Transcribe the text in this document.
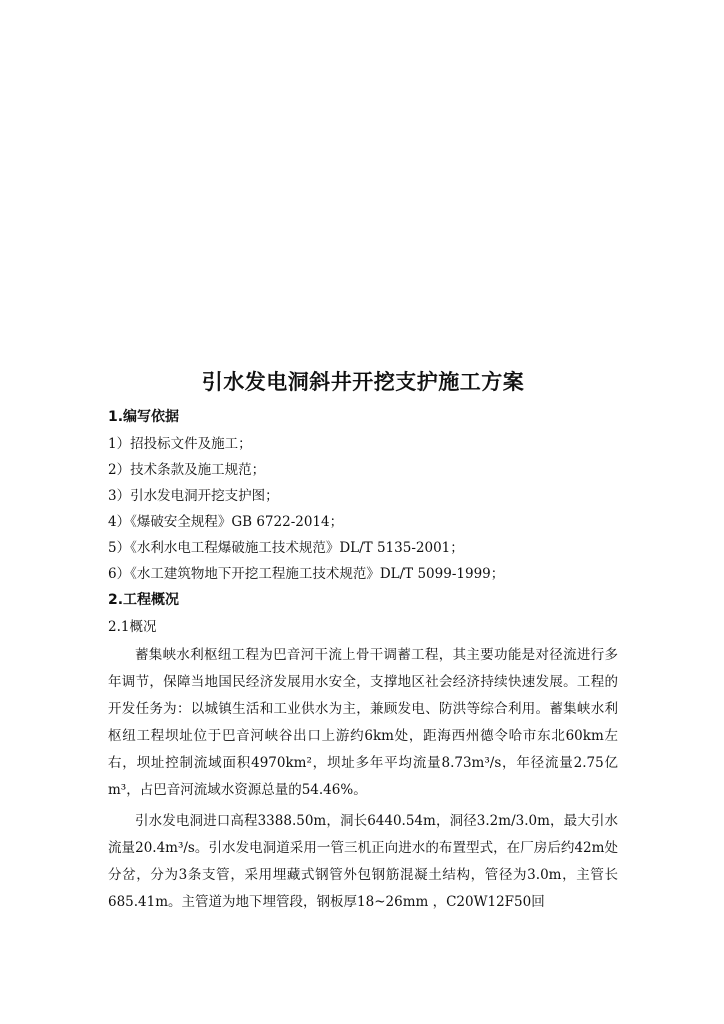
引水发电洞斜井开挖支护施工方案
1.编写依据
1）招投标文件及施工；
2）技术条款及施工规范；
3）引水发电洞开挖支护图；
4）《爆破安全规程》GB 6722-2014；
5）《水利水电工程爆破施工技术规范》DL/T 5135-2001；
6）《水工建筑物地下开挖工程施工技术规范》DL/T 5099-1999；
2.工程概况
2.1概况

蓄集峡水利枢纽工程为巴音河干流上骨干调蓄工程，其主要功能是对径流进行多年调节，保障当地国民经济发展用水安全，支撑地区社会经济持续快速发展。工程的开发任务为：以城镇生活和工业供水为主，兼顾发电、防洪等综合利用。蓄集峡水利枢纽工程坝址位于巴音河峡谷出口上游约6km处，距海西州德令哈市东北60km左右，坝址控制流域面积4970km²，坝址多年平均流量8.73m³/s，年径流量2.75亿m³，占巴音河流域水资源总量的54.46%。

引水发电洞进口高程3388.50m，洞长6440.54m，洞径3.2m/3.0m，最大引水流量20.4m³/s。引水发电洞道采用一管三机正向进水的布置型式，在厂房后约42m处分岔，分为3条支管，采用埋藏式钢管外包钢筋混凝土结构，管径为3.0m，主管长685.41m。主管道为地下埋管段，钢板厚18~26mm ，C20W12F50回
